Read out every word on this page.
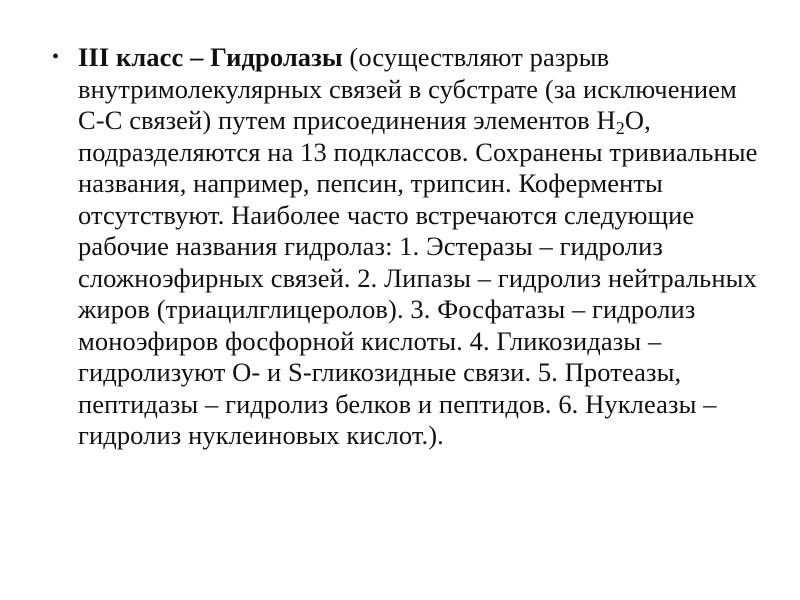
• III класс – Гидролазы (осуществляют разрыв внутримолекулярных связей в субстрате (за исключением С-С связей) путем присоединения элементов $Н_2О$, подразделяются на 13 подклассов. Сохранены тривиальные названия, например, пепсин, трипсин. Коферменты отсутствуют. Наиболее часто встречаются следующие рабочие названия гидролаз: 1. Эстеразы – гидролиз сложноэфирных связей. 2. Липазы – гидролиз нейтральных жиров (триацилглицеролов). 3. Фосфатазы – гидролиз моноэфиров фосфорной кислоты. 4. Гликозидазы – гидролизуют О- и S-гликозидные связи. 5. Протеазы, пептидазы – гидролиз белков и пептидов. 6. Нуклеазы – гидролиз нуклеиновых кислот.).
